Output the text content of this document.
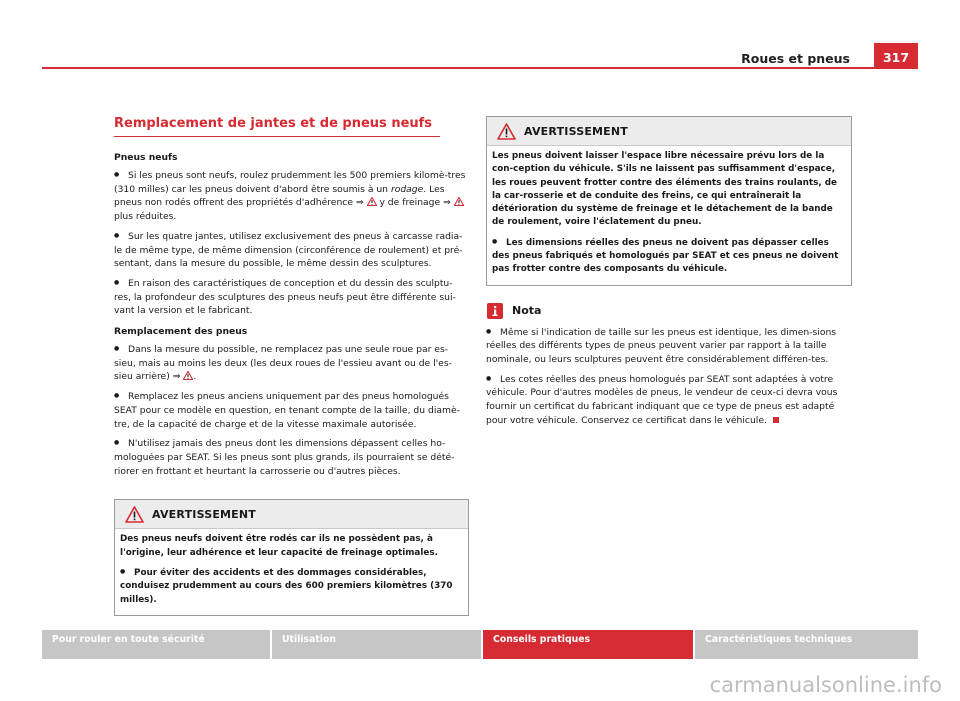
Roues et pneus	317
Remplacement de jantes et de pneus neufs
Pneus neufs

●Si les pneus sont neufs, roulez prudemment les 500 premiers kilomè-tres (310 milles) car les pneus doivent d'abord être soumis à un rodage. Les pneus non rodés offrent des propriétés d'adhérence ⇒  y de freinage ⇒  plus réduites.

●Sur les quatre jantes, utilisez exclusivement des pneus à carcasse radia-le de même type, de même dimension (circonférence de roulement) et pré-sentant, dans la mesure du possible, le même dessin des sculptures.

●En raison des caractéristiques de conception et du dessin des sculptu-res, la profondeur des sculptures des pneus neufs peut être différente sui-vant la version et le fabricant.

Remplacement des pneus

●Dans la mesure du possible, ne remplacez pas une seule roue par es-sieu, mais au moins les deux (les deux roues de l'essieu avant ou de l'es-sieu arrière) ⇒ .

●Remplacez les pneus anciens uniquement par des pneus homologués SEAT pour ce modèle en question, en tenant compte de la taille, du diamè-tre, de la capacité de charge et de la vitesse maximale autorisée.

●N'utilisez jamais des pneus dont les dimensions dépassent celles ho-mologuées par SEAT. Si les pneus sont plus grands, ils pourraient se dété-riorer en frottant et heurtant la carrosserie ou d'autres pièces.

AVERTISSEMENT

Des pneus neufs doivent être rodés car ils ne possèdent pas, à l'origine, leur adhérence et leur capacité de freinage optimales.

●Pour éviter des accidents et des dommages considérables, conduisez prudemment au cours des 600 premiers kilomètres (370 milles).

AVERTISSEMENT

Les pneus doivent laisser l'espace libre nécessaire prévu lors de la con-ception du véhicule. S'ils ne laissent pas suffisamment d'espace, les roues peuvent frotter contre des éléments des trains roulants, de la car-rosserie et de conduite des freins, ce qui entraînerait la détérioration du système de freinage et le détachement de la bande de roulement, voire l'éclatement du pneu.

●Les dimensions réelles des pneus ne doivent pas dépasser celles des pneus fabriqués et homologués par SEAT et ces pneus ne doivent pas frotter contre des composants du véhicule.

Nota

●Même si l'indication de taille sur les pneus est identique, les dimen-sions réelles des différents types de pneus peuvent varier par rapport à la taille nominale, ou leurs sculptures peuvent être considérablement différen-tes.

●Les cotes réelles des pneus homologués par SEAT sont adaptées à votre véhicule. Pour d'autres modèles de pneus, le vendeur de ceux-ci devra vous fournir un certificat du fabricant indiquant que ce type de pneus est adapté pour votre véhicule. Conservez ce certificat dans le véhicule.

Pour rouler en toute sécurité	Utilisation	Conseils pratiques	Caractéristiques techniques
carmanualsonline.info
